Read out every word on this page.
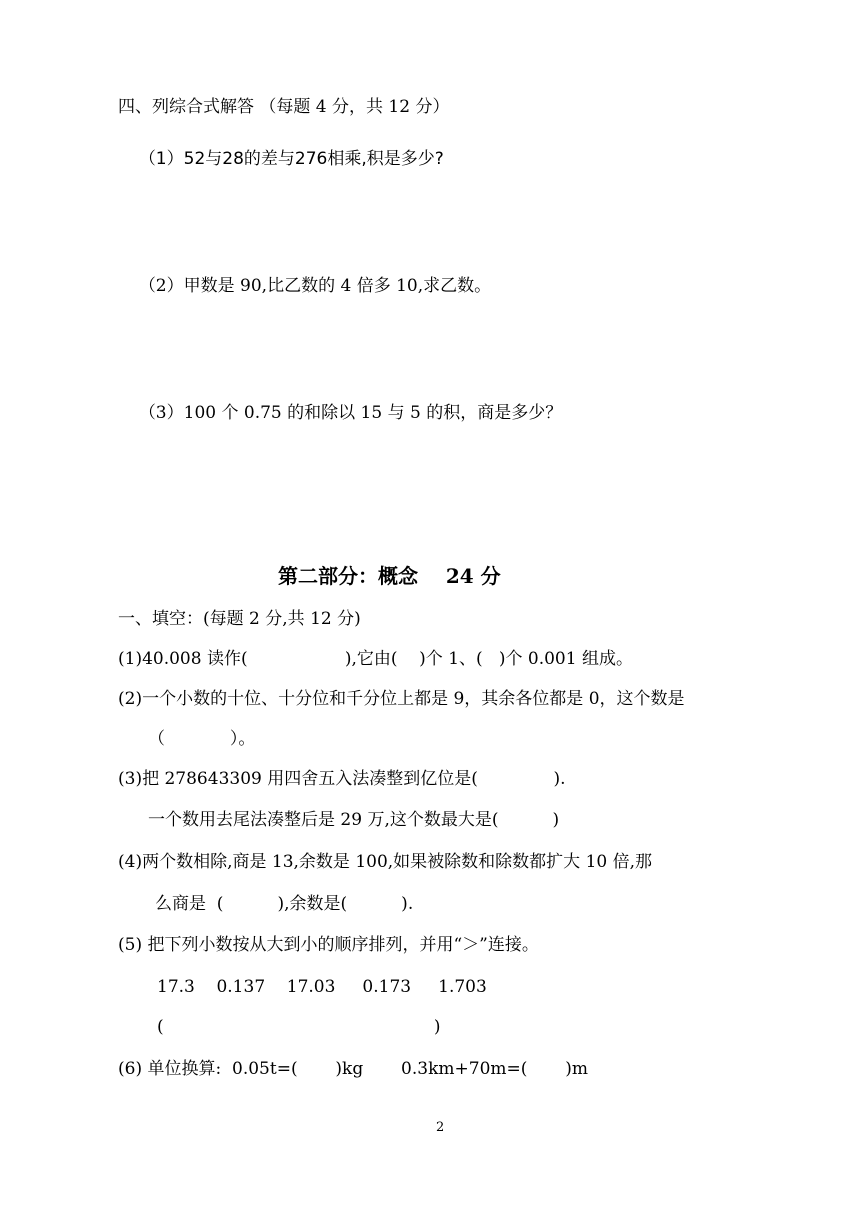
四、列综合式解答 （每题 4 分，共 12 分）

（1）52与28的差与276相乘,积是多少?

（2）甲数是 90,比乙数的 4 倍多 10,求乙数。

（3）100 个 0.75 的和除以 15 与 5 的积，商是多少？

第二部分：概念    24 分
一、填空：(每题 2 分,共 12 分)
(1)40.008 读作(                  ),它由(    )个 1、(   )个 0.001 组成。
(2)一个小数的十位、十分位和千分位上都是 9，其余各位都是 0，这个数是
（            ）。
(3)把 278643309 用四舍五入法凑整到亿位是(              ).
一个数用去尾法凑整后是 29 万,这个数最大是(          )
(4)两个数相除,商是 13,余数是 100,如果被除数和除数都扩大 10 倍,那
么商是  (          ),余数是(          ).
(5) 把下列小数按从大到小的顺序排列，并用“＞”连接。
17.3    0.137    17.03     0.173     1.703
(                                                  )
(6) 单位换算:  0.05t=(       )kg       0.3km+70m=(       )m
2
